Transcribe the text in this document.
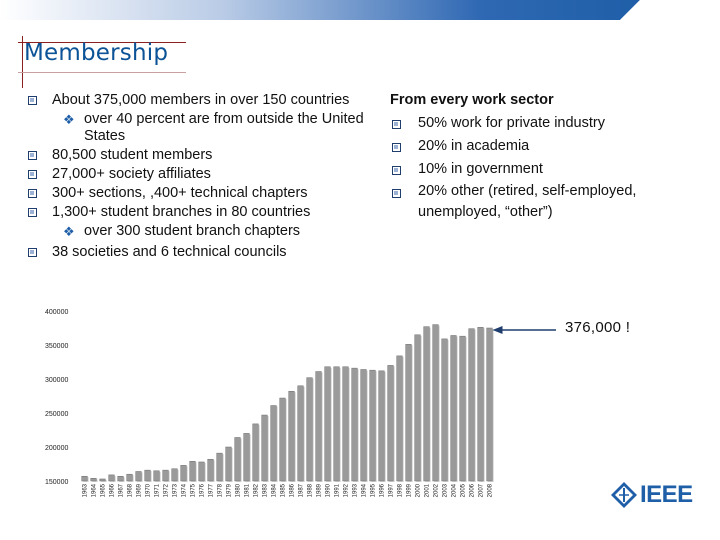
Membership
About 375,000 members in over 150 countries
❖ over 40 percent are from outside the United States
80,500 student members
27,000+ society affiliates
300+ sections, ,400+ technical chapters
1,300+ student branches in 80 countries
❖ over 300 student branch chapters
38 societies and 6 technical councils
From every work sector
50% work for private industry
20% in academia
10% in government
20% other (retired, self-employed, unemployed, “other”)
400000
350000
300000
250000
200000
150000
1963 1964 1965 1966 1967 1968 1969 1970 1971 1972 1973 1974 1975 1976 1977 1978 1979 1980 1981 1982 1983 1984 1985 1986 1987 1988 1989 1990 1991 1992 1993 1994 1995 1996 1997 1998 1999 2000 2001 2002 2003 2004 2005 2006 2007 2008
376,000 !
IEEE
